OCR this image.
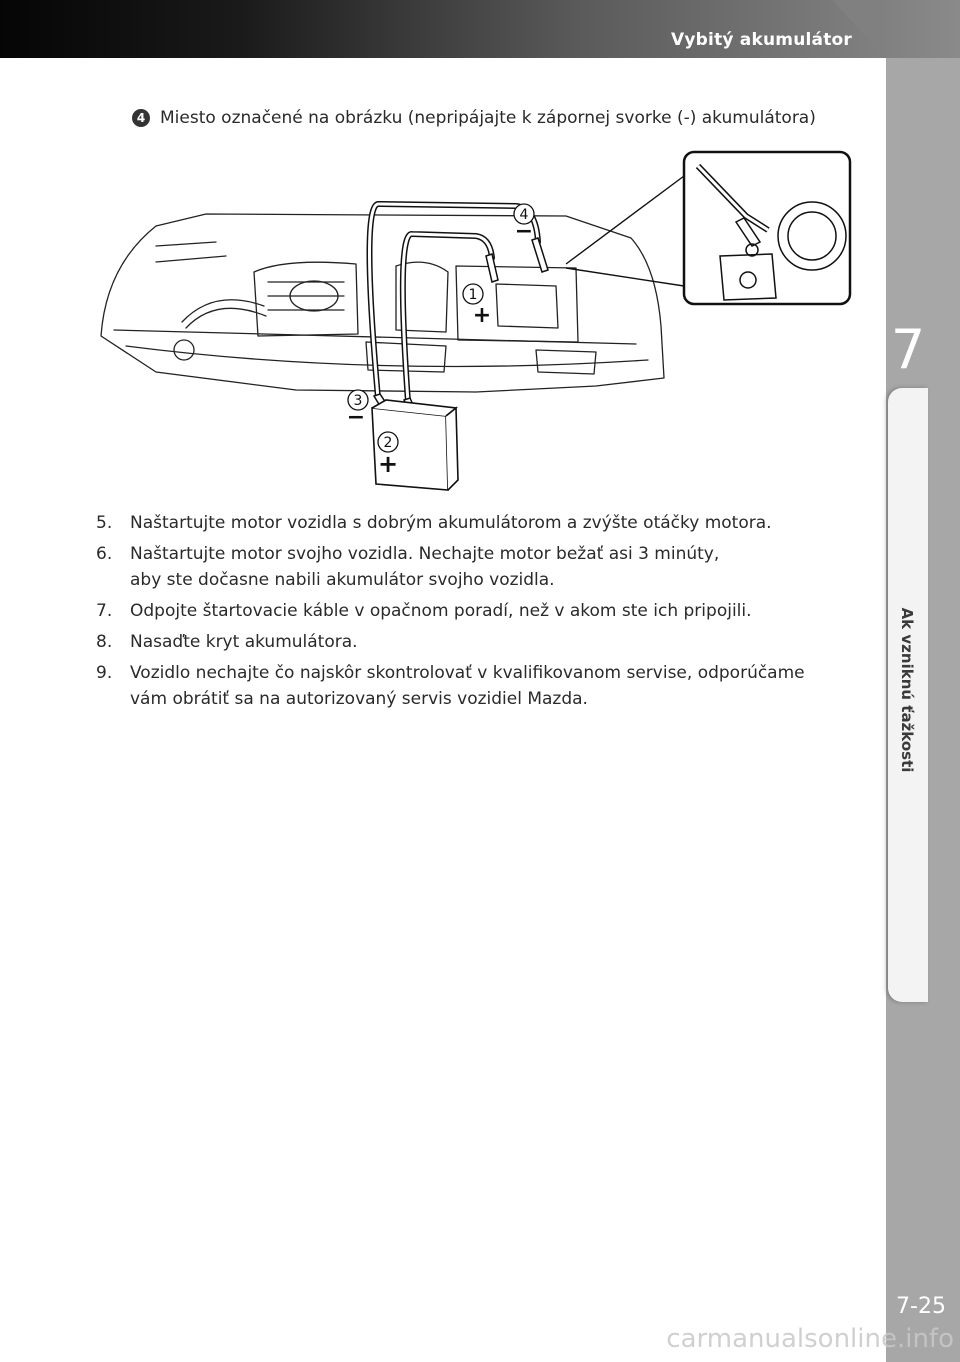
Vybitý akumulátor
7
Ak vzniknú ťažkosti
4 Miesto označené na obrázku (nepripájajte k zápornej svorke (-) akumulátora)
1
2
3
4
+
+
−
−
5.	Naštartujte motor vozidla s dobrým akumulátorom a zvýšte otáčky motora.
6.	Naštartujte motor svojho vozidla. Nechajte motor bežať asi 3 minúty,
aby ste dočasne nabili akumulátor svojho vozidla.
7.	Odpojte štartovacie káble v opačnom poradí, než v akom ste ich pripojili.
8.	Nasaďte kryt akumulátora.
9.	Vozidlo nechajte čo najskôr skontrolovať v kvalifikovanom servise, odporúčame
vám obrátiť sa na autorizovaný servis vozidiel Mazda.
7-25
carmanualsonline.info
